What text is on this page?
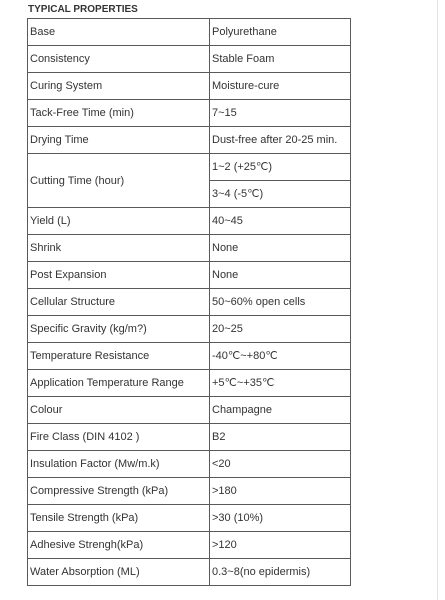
TYPICAL PROPERTIES
Base	Polyurethane
Consistency	Stable Foam
Curing System	Moisture-cure
Tack-Free Time (min)	7~15
Drying Time	Dust-free after 20-25 min.
Cutting Time (hour)	1~2 (+25℃)
	3~4 (-5℃)
Yield (L)	40~45
Shrink	None
Post Expansion	None
Cellular Structure	50~60% open cells
Specific Gravity (kg/m?)	20~25
Temperature Resistance	-40℃~+80℃
Application Temperature Range	+5℃~+35℃
Colour	Champagne
Fire Class (DIN 4102 )	B2
Insulation Factor (Mw/m.k)	<20
Compressive Strength (kPa)	>180
Tensile Strength (kPa)	>30 (10%)
Adhesive Strengh(kPa)	>120
Water Absorption (ML)	0.3~8(no epidermis)
